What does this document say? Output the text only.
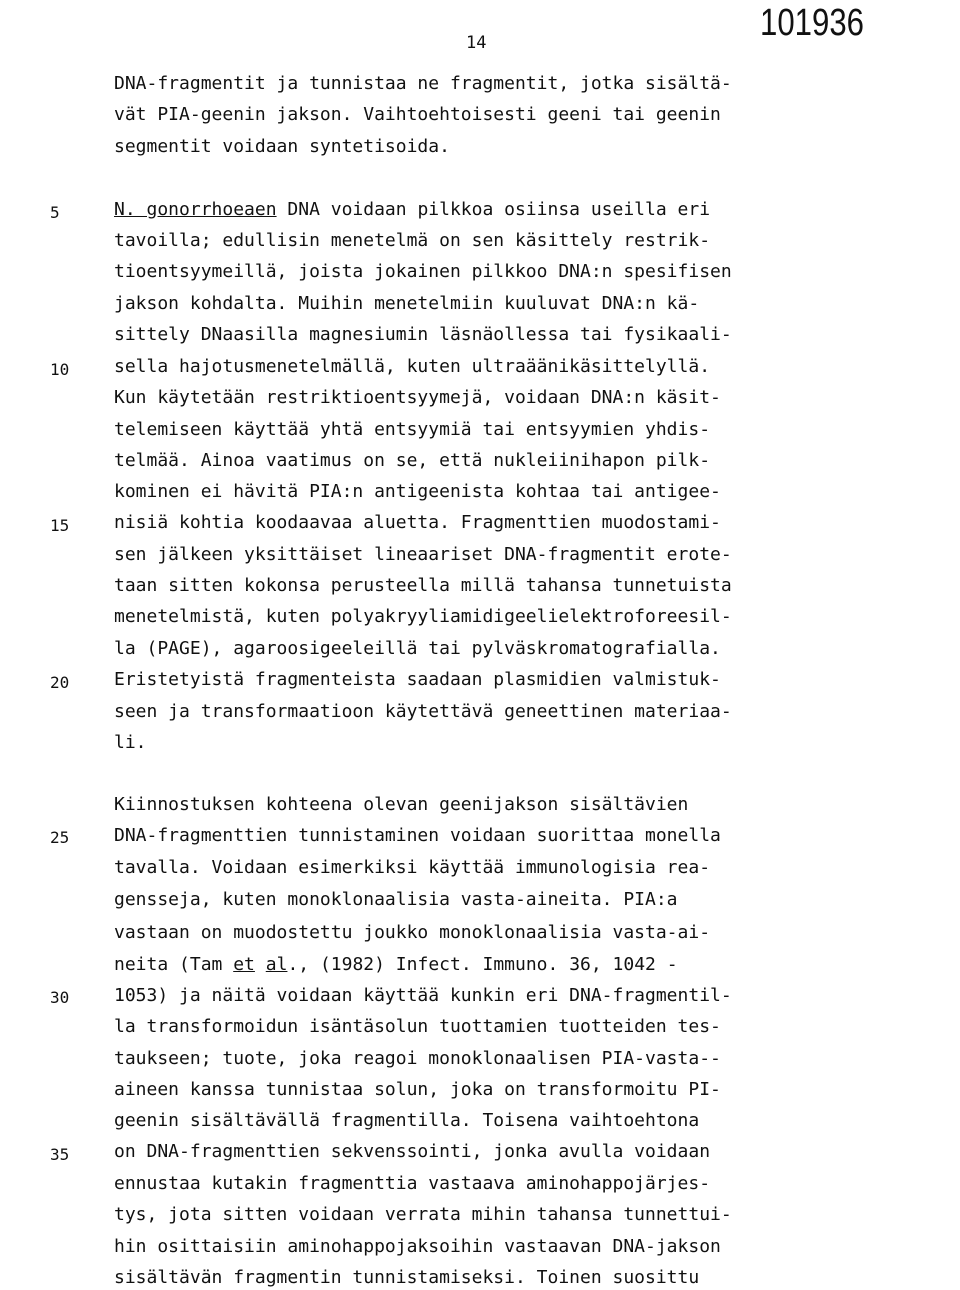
101936
14
5
10
15
20
25
30
35
DNA-fragmentit ja tunnistaa ne fragmentit, jotka sisältä-
vät PIA-geenin jakson. Vaihtoehtoisesti geeni tai geenin
segmentit voidaan syntetisoida.
N. gonorrhoeaen DNA voidaan pilkkoa osiinsa useilla eri
tavoilla; edullisin menetelmä on sen käsittely restrik-
tioentsyymeillä, joista jokainen pilkkoo DNA:n spesifisen
jakson kohdalta. Muihin menetelmiin kuuluvat DNA:n kä-
sittely DNaasilla magnesiumin läsnäollessa tai fysikaali-
sella hajotusmenetelmällä, kuten ultraäänikäsittelyllä.
Kun käytetään restriktioentsyymejä, voidaan DNA:n käsit-
telemiseen käyttää yhtä entsyymiä tai entsyymien yhdis-
telmää. Ainoa vaatimus on se, että nukleiinihapon pilk-
kominen ei hävitä PIA:n antigeenista kohtaa tai antigee-
nisiä kohtia koodaavaa aluetta. Fragmenttien muodostami-
sen jälkeen yksittäiset lineaariset DNA-fragmentit erote-
taan sitten kokonsa perusteella millä tahansa tunnetuista
menetelmistä, kuten polyakryyliamidigeelielektroforeesil-
la (PAGE), agaroosigeeleillä tai pylväskromatografialla.
Eristetyistä fragmenteista saadaan plasmidien valmistuk-
seen ja transformaatioon käytettävä geneettinen materiaa-
li.
Kiinnostuksen kohteena olevan geenijakson sisältävien
DNA-fragmenttien tunnistaminen voidaan suorittaa monella
tavalla. Voidaan esimerkiksi käyttää immunologisia rea-
gensseja, kuten monoklonaalisia vasta-aineita. PIA:a
vastaan on muodostettu joukko monoklonaalisia vasta-ai-
neita (Tam et al., (1982) Infect. Immuno. 36, 1042 -
1053) ja näitä voidaan käyttää kunkin eri DNA-fragmentil-
la transformoidun isäntäsolun tuottamien tuotteiden tes-
taukseen; tuote, joka reagoi monoklonaalisen PIA-vasta--
aineen kanssa tunnistaa solun, joka on transformoitu PI-
geenin sisältävällä fragmentilla. Toisena vaihtoehtona
on DNA-fragmenttien sekvenssointi, jonka avulla voidaan
ennustaa kutakin fragmenttia vastaava aminohappojärjes-
tys, jota sitten voidaan verrata mihin tahansa tunnettui-
hin osittaisiin aminohappojaksoihin vastaavan DNA-jakson
sisältävän fragmentin tunnistamiseksi. Toinen suosittu
